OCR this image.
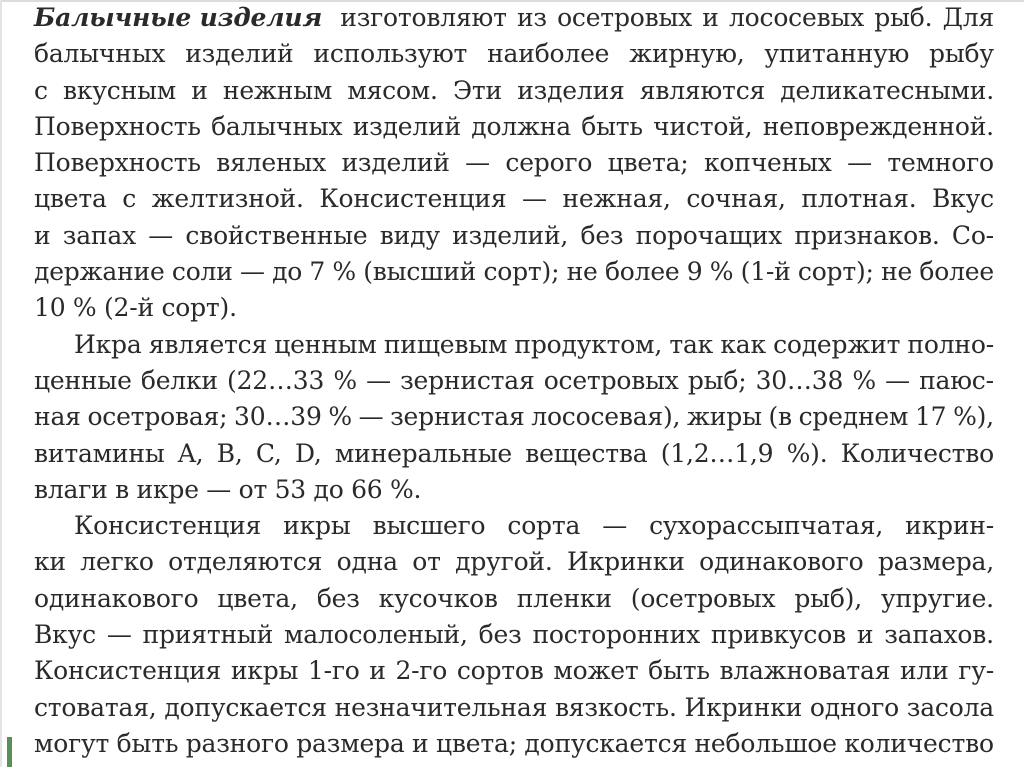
Балычные изделия изготовляют из осетровых и лососевых рыб. Для
балычных изделий используют наиболее жирную, упитанную рыбу
с вкусным и нежным мясом. Эти изделия являются деликатесными.
Поверхность балычных изделий должна быть чистой, неповрежденной.
Поверхность вяленых изделий — серого цвета; копченых — темного
цвета с желтизной. Консистенция — нежная, сочная, плотная. Вкус
и запах — свойственные виду изделий, без порочащих признаков. Со-
держание соли — до 7 % (высший сорт); не более 9 % (1-й сорт); не более
10 % (2-й сорт).
Икра является ценным пищевым продуктом, так как содержит полно-
ценные белки (22…33 % — зернистая осетровых рыб; 30…38 % — паюс-
ная осетровая; 30…39 % — зернистая лососевая), жиры (в среднем 17 %),
витамины A, B, C, D, минеральные вещества (1,2…1,9 %). Количество
влаги в икре — от 53 до 66 %.
Консистенция икры высшего сорта — сухорассыпчатая, икрин-
ки легко отделяются одна от другой. Икринки одинакового размера,
одинакового цвета, без кусочков пленки (осетровых рыб), упругие.
Вкус — приятный малосоленый, без посторонних привкусов и запахов.
Консистенция икры 1-го и 2-го сортов может быть влажноватая или гу-
стоватая, допускается незначительная вязкость. Икринки одного засола
могут быть разного размера и цвета; допускается небольшое количество
